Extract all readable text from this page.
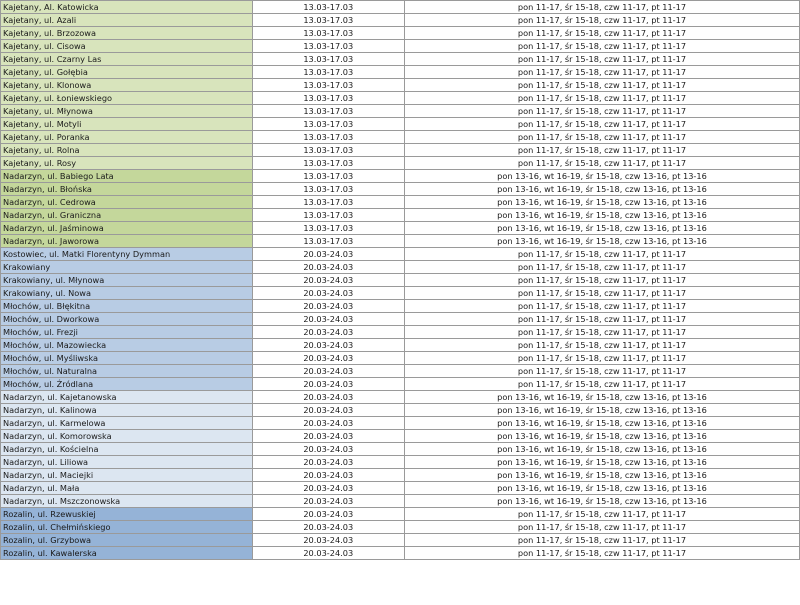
Kajetany, Al. Katowicka	13.03-17.03	pon 11-17, śr 15-18, czw 11-17, pt 11-17
Kajetany, ul. Azali	13.03-17.03	pon 11-17, śr 15-18, czw 11-17, pt 11-17
Kajetany, ul. Brzozowa	13.03-17.03	pon 11-17, śr 15-18, czw 11-17, pt 11-17
Kajetany, ul. Cisowa	13.03-17.03	pon 11-17, śr 15-18, czw 11-17, pt 11-17
Kajetany, ul. Czarny Las	13.03-17.03	pon 11-17, śr 15-18, czw 11-17, pt 11-17
Kajetany, ul. Gołębia	13.03-17.03	pon 11-17, śr 15-18, czw 11-17, pt 11-17
Kajetany, ul. Klonowa	13.03-17.03	pon 11-17, śr 15-18, czw 11-17, pt 11-17
Kajetany, ul. Łoniewskiego	13.03-17.03	pon 11-17, śr 15-18, czw 11-17, pt 11-17
Kajetany, ul. Młynowa	13.03-17.03	pon 11-17, śr 15-18, czw 11-17, pt 11-17
Kajetany, ul. Motyli	13.03-17.03	pon 11-17, śr 15-18, czw 11-17, pt 11-17
Kajetany, ul. Poranka	13.03-17.03	pon 11-17, śr 15-18, czw 11-17, pt 11-17
Kajetany, ul. Rolna	13.03-17.03	pon 11-17, śr 15-18, czw 11-17, pt 11-17
Kajetany, ul. Rosy	13.03-17.03	pon 11-17, śr 15-18, czw 11-17, pt 11-17
Nadarzyn, ul. Babiego Lata	13.03-17.03	pon 13-16, wt 16-19, śr 15-18, czw 13-16, pt 13-16
Nadarzyn, ul. Błońska	13.03-17.03	pon 13-16, wt 16-19, śr 15-18, czw 13-16, pt 13-16
Nadarzyn, ul. Cedrowa	13.03-17.03	pon 13-16, wt 16-19, śr 15-18, czw 13-16, pt 13-16
Nadarzyn, ul. Graniczna	13.03-17.03	pon 13-16, wt 16-19, śr 15-18, czw 13-16, pt 13-16
Nadarzyn, ul. Jaśminowa	13.03-17.03	pon 13-16, wt 16-19, śr 15-18, czw 13-16, pt 13-16
Nadarzyn, ul. Jaworowa	13.03-17.03	pon 13-16, wt 16-19, śr 15-18, czw 13-16, pt 13-16
Kostowiec, ul. Matki Florentyny Dymman	20.03-24.03	pon 11-17, śr 15-18, czw 11-17, pt 11-17
Krakowiany	20.03-24.03	pon 11-17, śr 15-18, czw 11-17, pt 11-17
Krakowiany, ul. Młynowa	20.03-24.03	pon 11-17, śr 15-18, czw 11-17, pt 11-17
Krakowiany, ul. Nowa	20.03-24.03	pon 11-17, śr 15-18, czw 11-17, pt 11-17
Młochów, ul. Błękitna	20.03-24.03	pon 11-17, śr 15-18, czw 11-17, pt 11-17
Młochów, ul. Dworkowa	20.03-24.03	pon 11-17, śr 15-18, czw 11-17, pt 11-17
Młochów, ul. Frezji	20.03-24.03	pon 11-17, śr 15-18, czw 11-17, pt 11-17
Młochów, ul. Mazowiecka	20.03-24.03	pon 11-17, śr 15-18, czw 11-17, pt 11-17
Młochów, ul. Myśliwska	20.03-24.03	pon 11-17, śr 15-18, czw 11-17, pt 11-17
Młochów, ul. Naturalna	20.03-24.03	pon 11-17, śr 15-18, czw 11-17, pt 11-17
Młochów, ul. Źródlana	20.03-24.03	pon 11-17, śr 15-18, czw 11-17, pt 11-17
Nadarzyn, ul. Kajetanowska	20.03-24.03	pon 13-16, wt 16-19, śr 15-18, czw 13-16, pt 13-16
Nadarzyn, ul. Kalinowa	20.03-24.03	pon 13-16, wt 16-19, śr 15-18, czw 13-16, pt 13-16
Nadarzyn, ul. Karmelowa	20.03-24.03	pon 13-16, wt 16-19, śr 15-18, czw 13-16, pt 13-16
Nadarzyn, ul. Komorowska	20.03-24.03	pon 13-16, wt 16-19, śr 15-18, czw 13-16, pt 13-16
Nadarzyn, ul. Kościelna	20.03-24.03	pon 13-16, wt 16-19, śr 15-18, czw 13-16, pt 13-16
Nadarzyn, ul. Liliowa	20.03-24.03	pon 13-16, wt 16-19, śr 15-18, czw 13-16, pt 13-16
Nadarzyn, ul. Maciejki	20.03-24.03	pon 13-16, wt 16-19, śr 15-18, czw 13-16, pt 13-16
Nadarzyn, ul. Mała	20.03-24.03	pon 13-16, wt 16-19, śr 15-18, czw 13-16, pt 13-16
Nadarzyn, ul. Mszczonowska	20.03-24.03	pon 13-16, wt 16-19, śr 15-18, czw 13-16, pt 13-16
Rozalin, ul. Rzewuskiej	20.03-24.03	pon 11-17, śr 15-18, czw 11-17, pt 11-17
Rozalin, ul. Chełmińskiego	20.03-24.03	pon 11-17, śr 15-18, czw 11-17, pt 11-17
Rozalin, ul. Grzybowa	20.03-24.03	pon 11-17, śr 15-18, czw 11-17, pt 11-17
Rozalin, ul. Kawalerska	20.03-24.03	pon 11-17, śr 15-18, czw 11-17, pt 11-17
